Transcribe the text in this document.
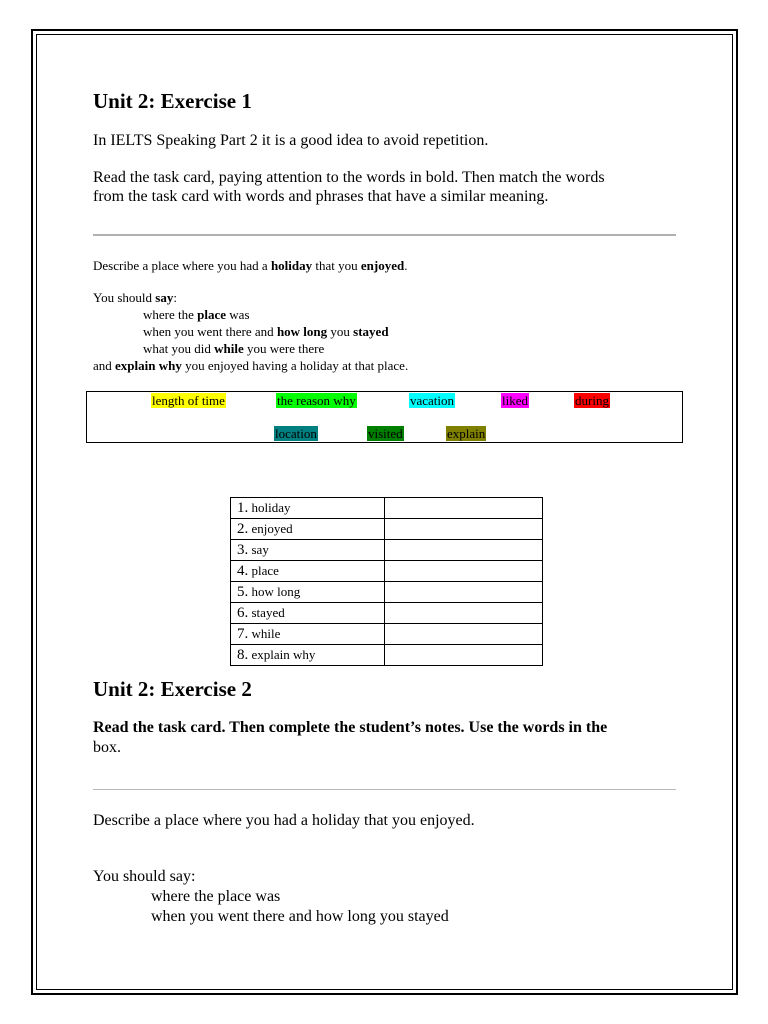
Unit 2: Exercise 1
In IELTS Speaking Part 2 it is a good idea to avoid repetition.
Read the task card, paying attention to the words in bold. Then match the words
from the task card with words and phrases that have a similar meaning.
Describe a place where you had a holiday that you enjoyed.
You should say:
where the place was
when you went there and how long you stayed
what you did while you were there
and explain why you enjoyed having a holiday at that place.
length of time	the reason why	vacation	liked	during
location	visited	explain
1. holiday	
2. enjoyed	
3. say	
4. place	
5. how long	
6. stayed	
7. while	
8. explain why	
Unit 2: Exercise 2
Read the task card. Then complete the student’s notes. Use the words in the
box.
Describe a place where you had a holiday that you enjoyed.
You should say:
where the place was
when you went there and how long you stayed
